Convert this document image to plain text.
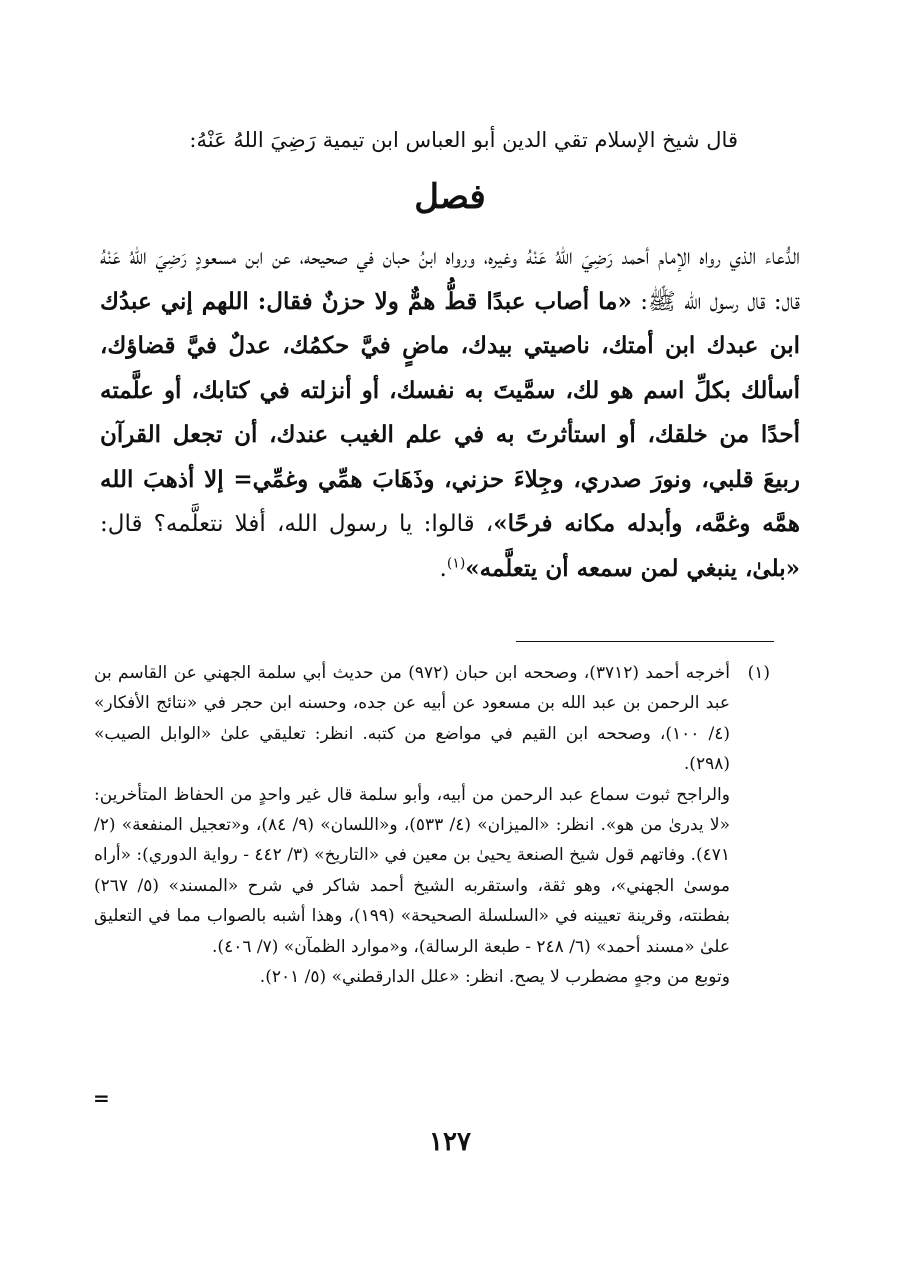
قال شيخ الإسلام تقي الدين أبو العباس ابن تيمية رَضِيَ اللهُ عَنْهُ:
فصل

الدُّعاء الذي رواه الإمام أحمد رَضِيَ اللهُ عَنْهُ وغيره، ورواه ابنُ حبان في صحيحه، عن ابن مسعودٍ رَضِيَ اللهُ عَنْهُ قال: قال رسول الله ﷺ: «ما أصاب عبدًا قطُّ همٌّ ولا حزنٌ فقال: اللهم إني عبدُك ابن عبدك ابن أمتك، ناصيتي بيدك، ماضٍ فيَّ حكمُك، عدلٌ فيَّ قضاؤك، أسألك بكلِّ اسم هو لك، سمَّيتَ به نفسك، أو أنزلته في كتابك، أو علَّمته أحدًا من خلقك، أو استأثرتَ به في علم الغيب عندك، أن تجعل القرآن ربيعَ قلبي، ونورَ صدري، وجِلاءَ حزني، وذَهَابَ همِّي وغمِّي= إلا أذهبَ الله همَّه وغمَّه، وأبدله مكانه فرحًا»، قالوا: يا رسول الله، أفلا نتعلَّمه؟ قال: «بلىٰ، ينبغي لمن سمعه أن يتعلَّمه»$^{(١)}$.

(١)

أخرجه أحمد (٣٧١٢)، وصححه ابن حبان (٩٧٢) من حديث أبي سلمة الجهني عن القاسم بن عبد الرحمن بن عبد الله بن مسعود عن أبيه عن جده، وحسنه ابن حجر في «نتائج الأفكار» (٤/ ١٠٠)، وصححه ابن القيم في مواضع من كتبه. انظر: تعليقي علىٰ «الوابل الصيب» (٢٩٨).

والراجح ثبوت سماع عبد الرحمن من أبيه، وأبو سلمة قال غير واحدٍ من الحفاظ المتأخرين: «لا يدرىٰ من هو». انظر: «الميزان» (٤/ ٥٣٣)، و«اللسان» (٩/ ٨٤)، و«تعجيل المنفعة» (٢/ ٤٧١). وفاتهم قول شيخ الصنعة يحيىٰ بن معين في «التاريخ» (٣/ ٤٤٢ - رواية الدوري): «أراه موسىٰ الجهني»، وهو ثقة، واستقربه الشيخ أحمد شاكر في شرح «المسند» (٥/ ٢٦٧) بفطنته، وقرينة تعيينه في «السلسلة الصحيحة» (١٩٩)، وهذا أشبه بالصواب مما في التعليق علىٰ «مسند أحمد» (٦/ ٢٤٨ - طبعة الرسالة)، و«موارد الظمآن» (٧/ ٤٠٦).

وتوبع من وجهٍ مضطرب لا يصح. انظر: «علل الدارقطني» (٥/ ٢٠١).

=
١٢٧
